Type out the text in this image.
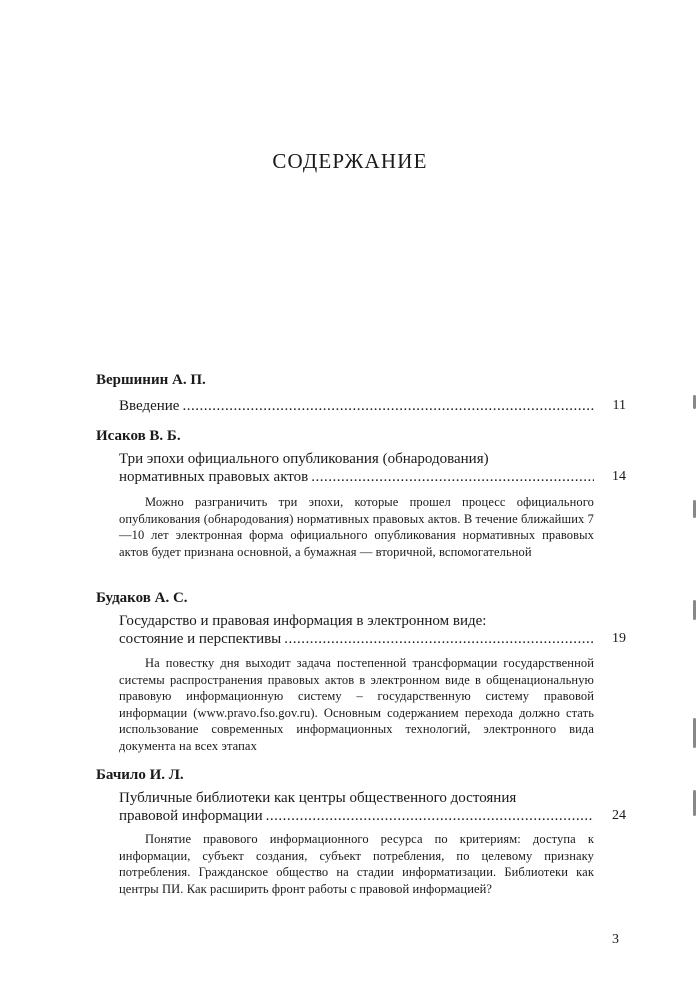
СОДЕРЖАНИЕ
Вершинин А. П.
Введение .....	11
Исаков В. Б.
Три эпохи официального опубликования (обнародования)
нормативных правовых актов .....	14
Можно разграничить три эпохи, которые прошел процесс официального опубликования (обнародования) нормативных правовых актов. В течение ближайших 7—10 лет электронная форма официального опубликования нормативных правовых актов будет признана основной, а бумажная — вторичной, вспомогательной
Будаков А. С.
Государство и правовая информация в электронном виде:
состояние и перспективы .....	19
На повестку дня выходит задача постепенной трансформации государственной системы распространения правовых актов в электронном виде в общенациональную правовую информационную систему – государственную систему правовой информации (www.pravo.fso.gov.ru). Основным содержанием перехода должно стать использование современных информационных технологий, электронного вида документа на всех этапах
Бачило И. Л.
Публичные библиотеки как центры общественного достояния
правовой информации .....	24
Понятие правового информационного ресурса по критериям: доступа к информации, субъект создания, субъект потребления, по целевому признаку потребления. Гражданское общество на стадии информатизации. Библиотеки как центры ПИ. Как расширить фронт работы с правовой информацией?
3
